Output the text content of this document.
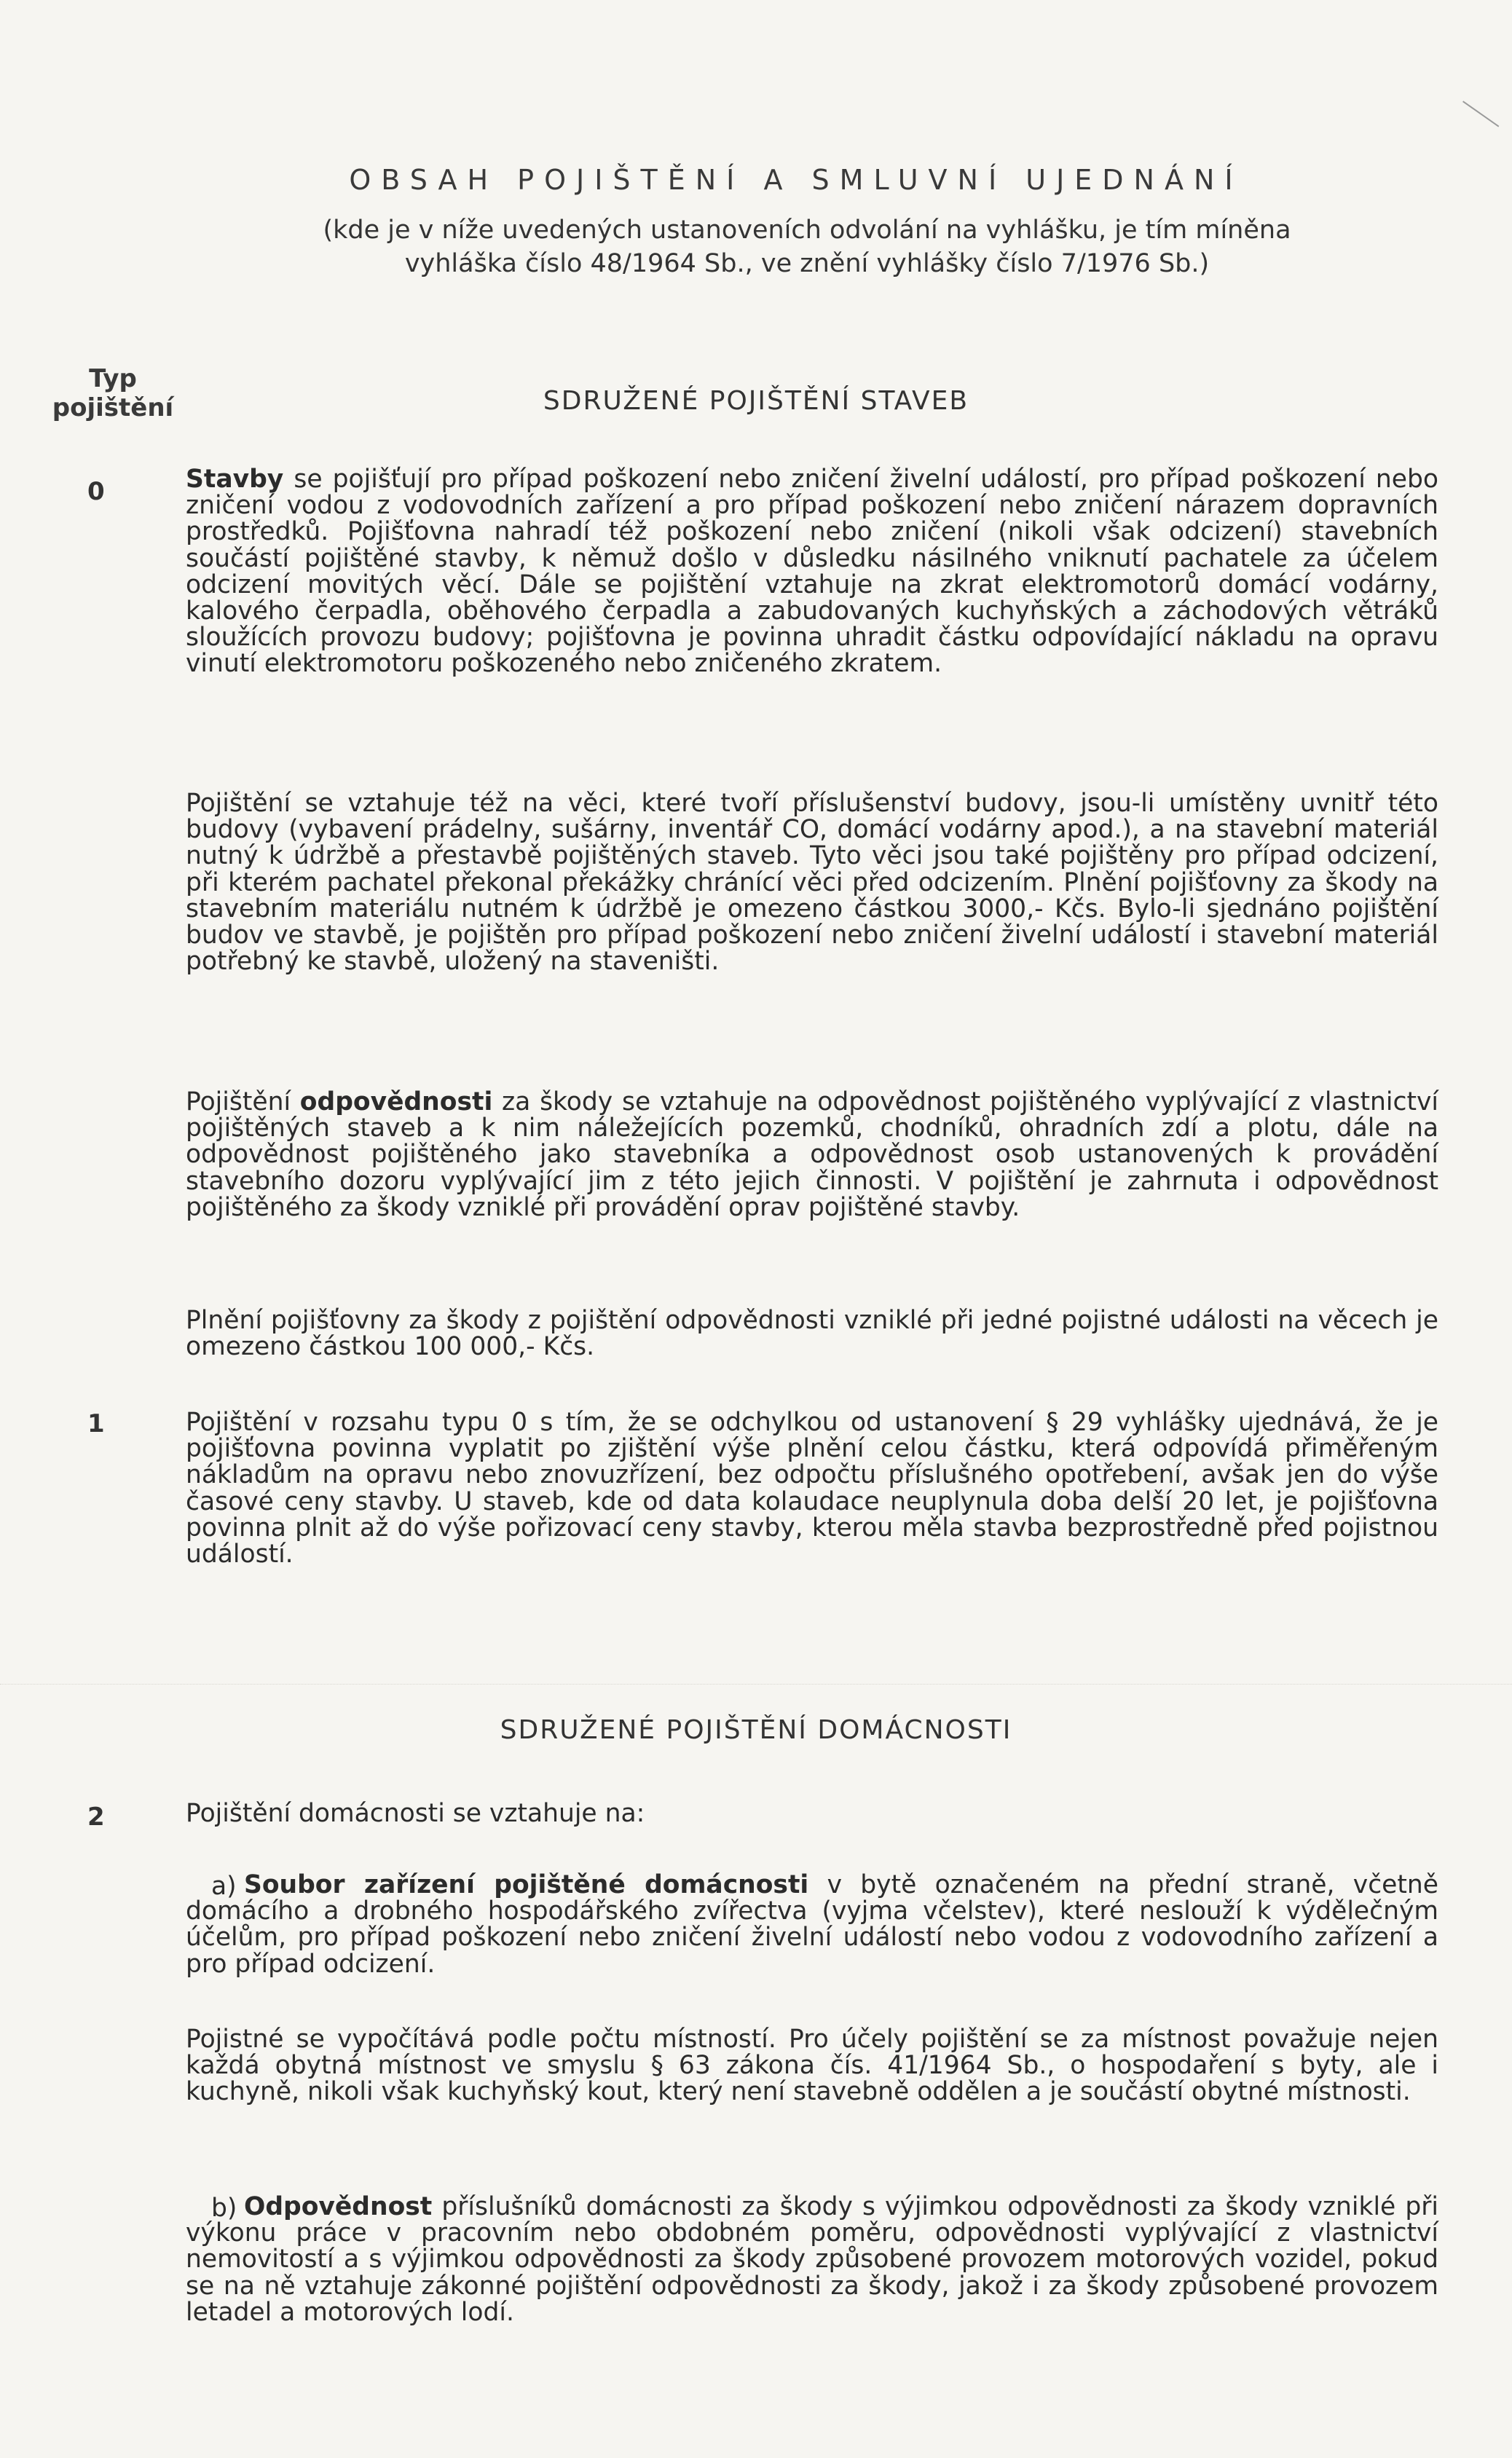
OBSAH POJIŠTĚNÍ A SMLUVNÍ UJEDNÁNÍ
(kde je v níže uvedených ustanoveních odvolání na vyhlášku, je tím míněna
vyhláška číslo 48/1964 Sb., ve znění vyhlášky číslo 7/1976 Sb.)
Typ
pojištění	SDRUŽENÉ POJIŠTĚNÍ STAVEB
0	Stavby se pojišťují pro případ poškození nebo zničení živelní událostí, pro případ poškození nebo zničení vodou z vodovodních zařízení a pro případ poškození nebo zničení nárazem dopravních prostředků. Pojišťovna nahradí též poškození nebo zničení (nikoli však odcizení) stavebních součástí pojištěné stavby, k němuž došlo v důsledku násilného vniknutí pachatele za účelem odcizení movitých věcí. Dále se pojištění vztahuje na zkrat elektromotorů domácí vodárny, kalového čerpadla, oběhového čerpadla a zabudovaných kuchyňských a záchodových větráků sloužících provozu budovy; pojišťovna je povinna uhradit částku odpovídající nákladu na opravu vinutí elektromotoru poškozeného nebo zničeného zkratem.
Pojištění se vztahuje též na věci, které tvoří příslušenství budovy, jsou-li umístěny uvnitř této budovy (vybavení prádelny, sušárny, inventář CO, domácí vodárny apod.), a na stavební materiál nutný k údržbě a přestavbě pojištěných staveb. Tyto věci jsou také pojištěny pro případ odcizení, při kterém pachatel překonal překážky chránící věci před odcizením. Plnění pojišťovny za škody na stavebním materiálu nutném k údržbě je omezeno částkou 3000,- Kčs. Bylo-li sjednáno pojištění budov ve stavbě, je pojištěn pro případ poškození nebo zničení živelní událostí i stavební materiál potřebný ke stavbě, uložený na staveništi.
Pojištění odpovědnosti za škody se vztahuje na odpovědnost pojištěného vyplývající z vlastnictví pojištěných staveb a k nim náležejících pozemků, chodníků, ohradních zdí a plotu, dále na odpovědnost pojištěného jako stavebníka a odpovědnost osob ustanovených k provádění stavebního dozoru vyplývající jim z této jejich činnosti. V pojištění je zahrnuta i odpovědnost pojištěného za škody vzniklé při provádění oprav pojištěné stavby.
Plnění pojišťovny za škody z pojištění odpovědnosti vzniklé při jedné pojistné události na věcech je omezeno částkou 100 000,- Kčs.
1	Pojištění v rozsahu typu 0 s tím, že se odchylkou od ustanovení § 29 vyhlášky ujednává, že je pojišťovna povinna vyplatit po zjištění výše plnění celou částku, která odpovídá přiměřeným nákladům na opravu nebo znovuzřízení, bez odpočtu příslušného opotřebení, avšak jen do výše časové ceny stavby. U staveb, kde od data kolaudace neuplynula doba delší 20 let, je pojišťovna povinna plnit až do výše pořizovací ceny stavby, kterou měla stavba bezprostředně před pojistnou událostí.
SDRUŽENÉ POJIŠTĚNÍ DOMÁCNOSTI
2	Pojištění domácnosti se vztahuje na:
a) Soubor zařízení pojištěné domácnosti v bytě označeném na přední straně, včetně domácího a drobného hospodářského zvířectva (vyjma včelstev), které neslouží k výdělečným účelům, pro případ poškození nebo zničení živelní událostí nebo vodou z vodovodního zařízení a pro případ odcizení.
Pojistné se vypočítává podle počtu místností. Pro účely pojištění se za místnost považuje nejen každá obytná místnost ve smyslu § 63 zákona čís. 41/1964 Sb., o hospodaření s byty, ale i kuchyně, nikoli však kuchyňský kout, který není stavebně oddělen a je součástí obytné místnosti.
b) Odpovědnost příslušníků domácnosti za škody s výjimkou odpovědnosti za škody vzniklé při výkonu práce v pracovním nebo obdobném poměru, odpovědnosti vyplývající z vlastnictví nemovitostí a s výjimkou odpovědnosti za škody způsobené provozem motorových vozidel, pokud se na ně vztahuje zákonné pojištění odpovědnosti za škody, jakož i za škody způsobené provozem letadel a motorových lodí.
